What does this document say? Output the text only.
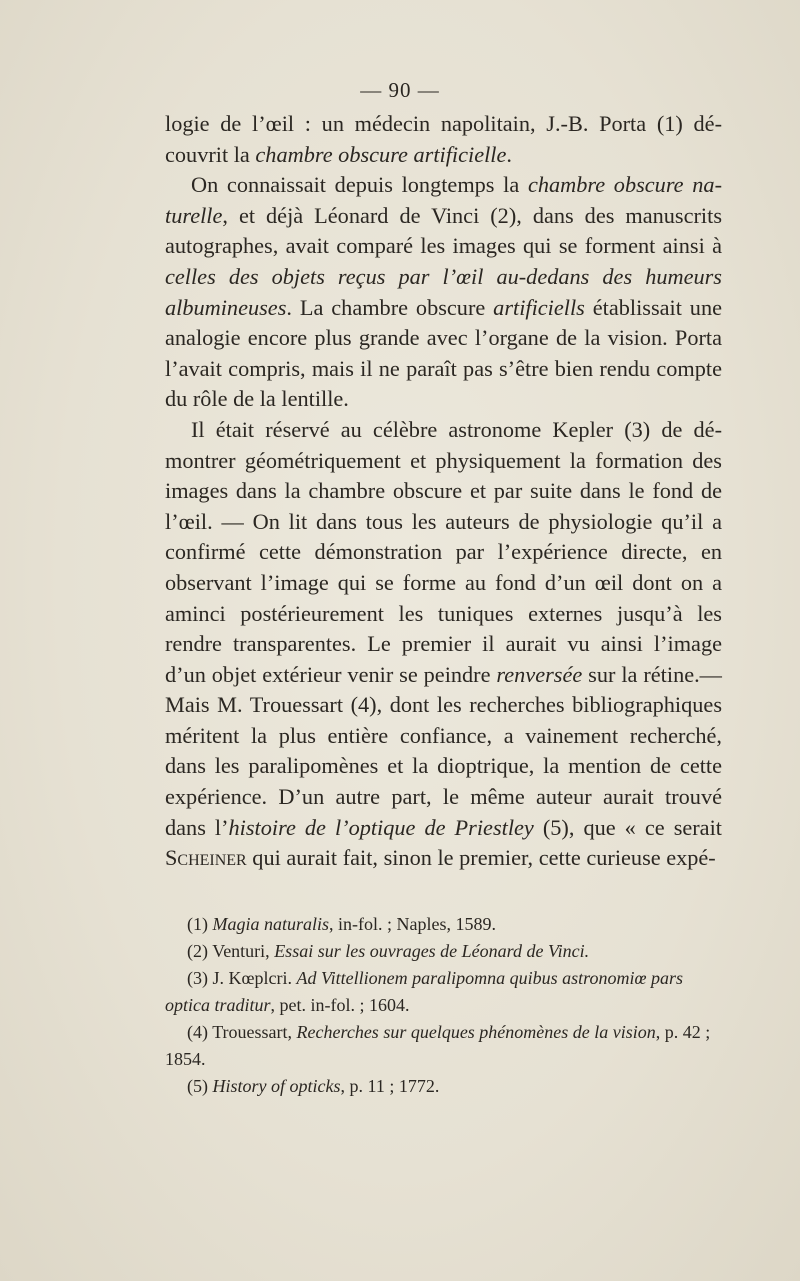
— 90 —

logie de l’œil : un médecin napolitain, J.-B. Porta (1) découvrit la chambre obscure artificielle.

On connaissait depuis longtemps la chambre obscure naturelle, et déjà Léonard de Vinci (2), dans des manuscrits autographes, avait comparé les images qui se forment ainsi à celles des objets reçus par l’œil au-dedans des humeurs albumineuses. La chambre obscure artificiells établissait une analogie encore plus grande avec l’organe de la vision. Porta l’avait compris, mais il ne paraît pas s’être bien rendu compte du rôle de la lentille.

Il était réservé au célèbre astronome Kepler (3) de démontrer géométriquement et physiquement la formation des images dans la chambre obscure et par suite dans le fond de l’œil. — On lit dans tous les auteurs de physiologie qu’il a confirmé cette démonstration par l’expérience directe, en observant l’image qui se forme au fond d’un œil dont on a aminci postérieurement les tuniques externes jusqu’à les rendre transparentes. Le premier il aurait vu ainsi l’image d’un objet extérieur venir se peindre renversée sur la rétine.—Mais M. Trouessart (4), dont les recherches bibliographiques méritent la plus entière confiance, a vainement recherché, dans les paralipomènes et la dioptrique, la mention de cette expérience. D’un autre part, le même auteur aurait trouvé dans l’histoire de l’optique de Priestley (5), que « ce serait Scheiner qui aurait fait, sinon le premier, cette curieuse expé-

(1) Magia naturalis, in-fol. ; Naples, 1589.

(2) Venturi, Essai sur les ouvrages de Léonard de Vinci.

(3) J. Kœplcri. Ad Vittellionem paralipomna quibus astronomiœ pars optica traditur, pet. in-fol. ; 1604.

(4) Trouessart, Recherches sur quelques phénomènes de la vision, p. 42 ; 1854.

(5) History of opticks, p. 11 ; 1772.
